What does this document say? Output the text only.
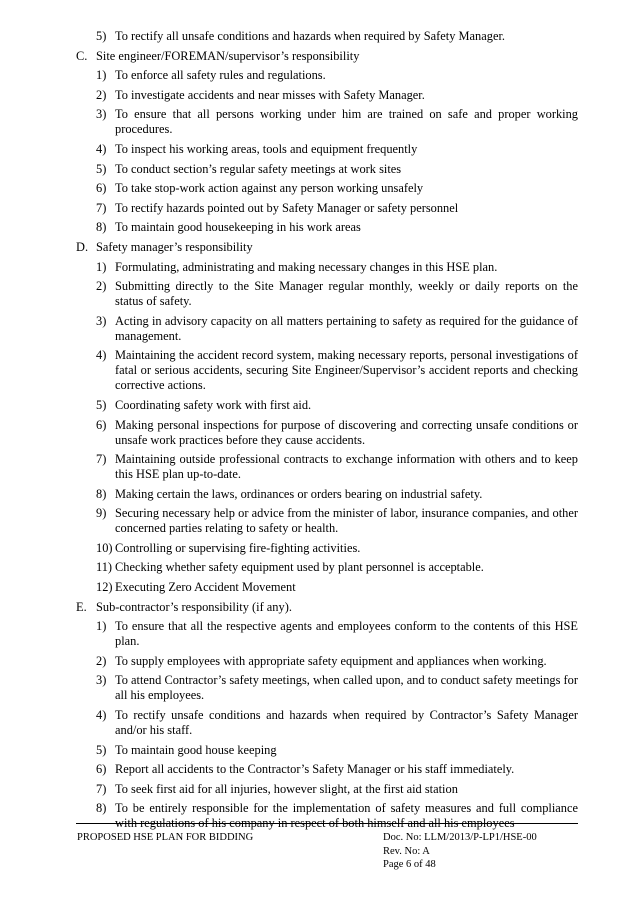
5) To rectify all unsafe conditions and hazards when required by Safety Manager.
C. Site engineer/FOREMAN/supervisor’s responsibility
1) To enforce all safety rules and regulations.
2) To investigate accidents and near misses with Safety Manager.
3) To ensure that all persons working under him are trained on safe and proper working procedures.
4) To inspect his working areas, tools and equipment frequently
5) To conduct section’s regular safety meetings at work sites
6) To take stop-work action against any person working unsafely
7) To rectify hazards pointed out by Safety Manager or safety personnel
8) To maintain good housekeeping in his work areas
D. Safety manager’s responsibility
1) Formulating, administrating and making necessary changes in this HSE plan.
2) Submitting directly to the Site Manager regular monthly, weekly or daily reports on the status of safety.
3) Acting in advisory capacity on all matters pertaining to safety as required for the guidance of management.
4) Maintaining the accident record system, making necessary reports, personal investigations of fatal or serious accidents, securing Site Engineer/Supervisor’s accident reports and checking corrective actions.
5) Coordinating safety work with first aid.
6) Making personal inspections for purpose of discovering and correcting unsafe conditions or unsafe work practices before they cause accidents.
7) Maintaining outside professional contracts to exchange information with others and to keep this HSE plan up-to-date.
8) Making certain the laws, ordinances or orders bearing on industrial safety.
9) Securing necessary help or advice from the minister of labor, insurance companies, and other concerned parties relating to safety or health.
10) Controlling or supervising fire-fighting activities.
11) Checking whether safety equipment used by plant personnel is acceptable.
12) Executing Zero Accident Movement
E. Sub-contractor’s responsibility (if any).
1) To ensure that all the respective agents and employees conform to the contents of this HSE plan.
2) To supply employees with appropriate safety equipment and appliances when working.
3) To attend Contractor’s safety meetings, when called upon, and to conduct safety meetings for all his employees.
4) To rectify unsafe conditions and hazards when required by Contractor’s Safety Manager and/or his staff.
5) To maintain good house keeping
6) Report all accidents to the Contractor’s Safety Manager or his staff immediately.
7) To seek first aid for all injuries, however slight, at the first aid station
8) To be entirely responsible for the implementation of safety measures and full compliance with regulations of his company in respect of both himself and all his employees
PROPOSED HSE PLAN FOR BIDDING	Doc. No: LLM/2013/P-LP1/HSE-00
Rev. No: A
Page 6 of 48
